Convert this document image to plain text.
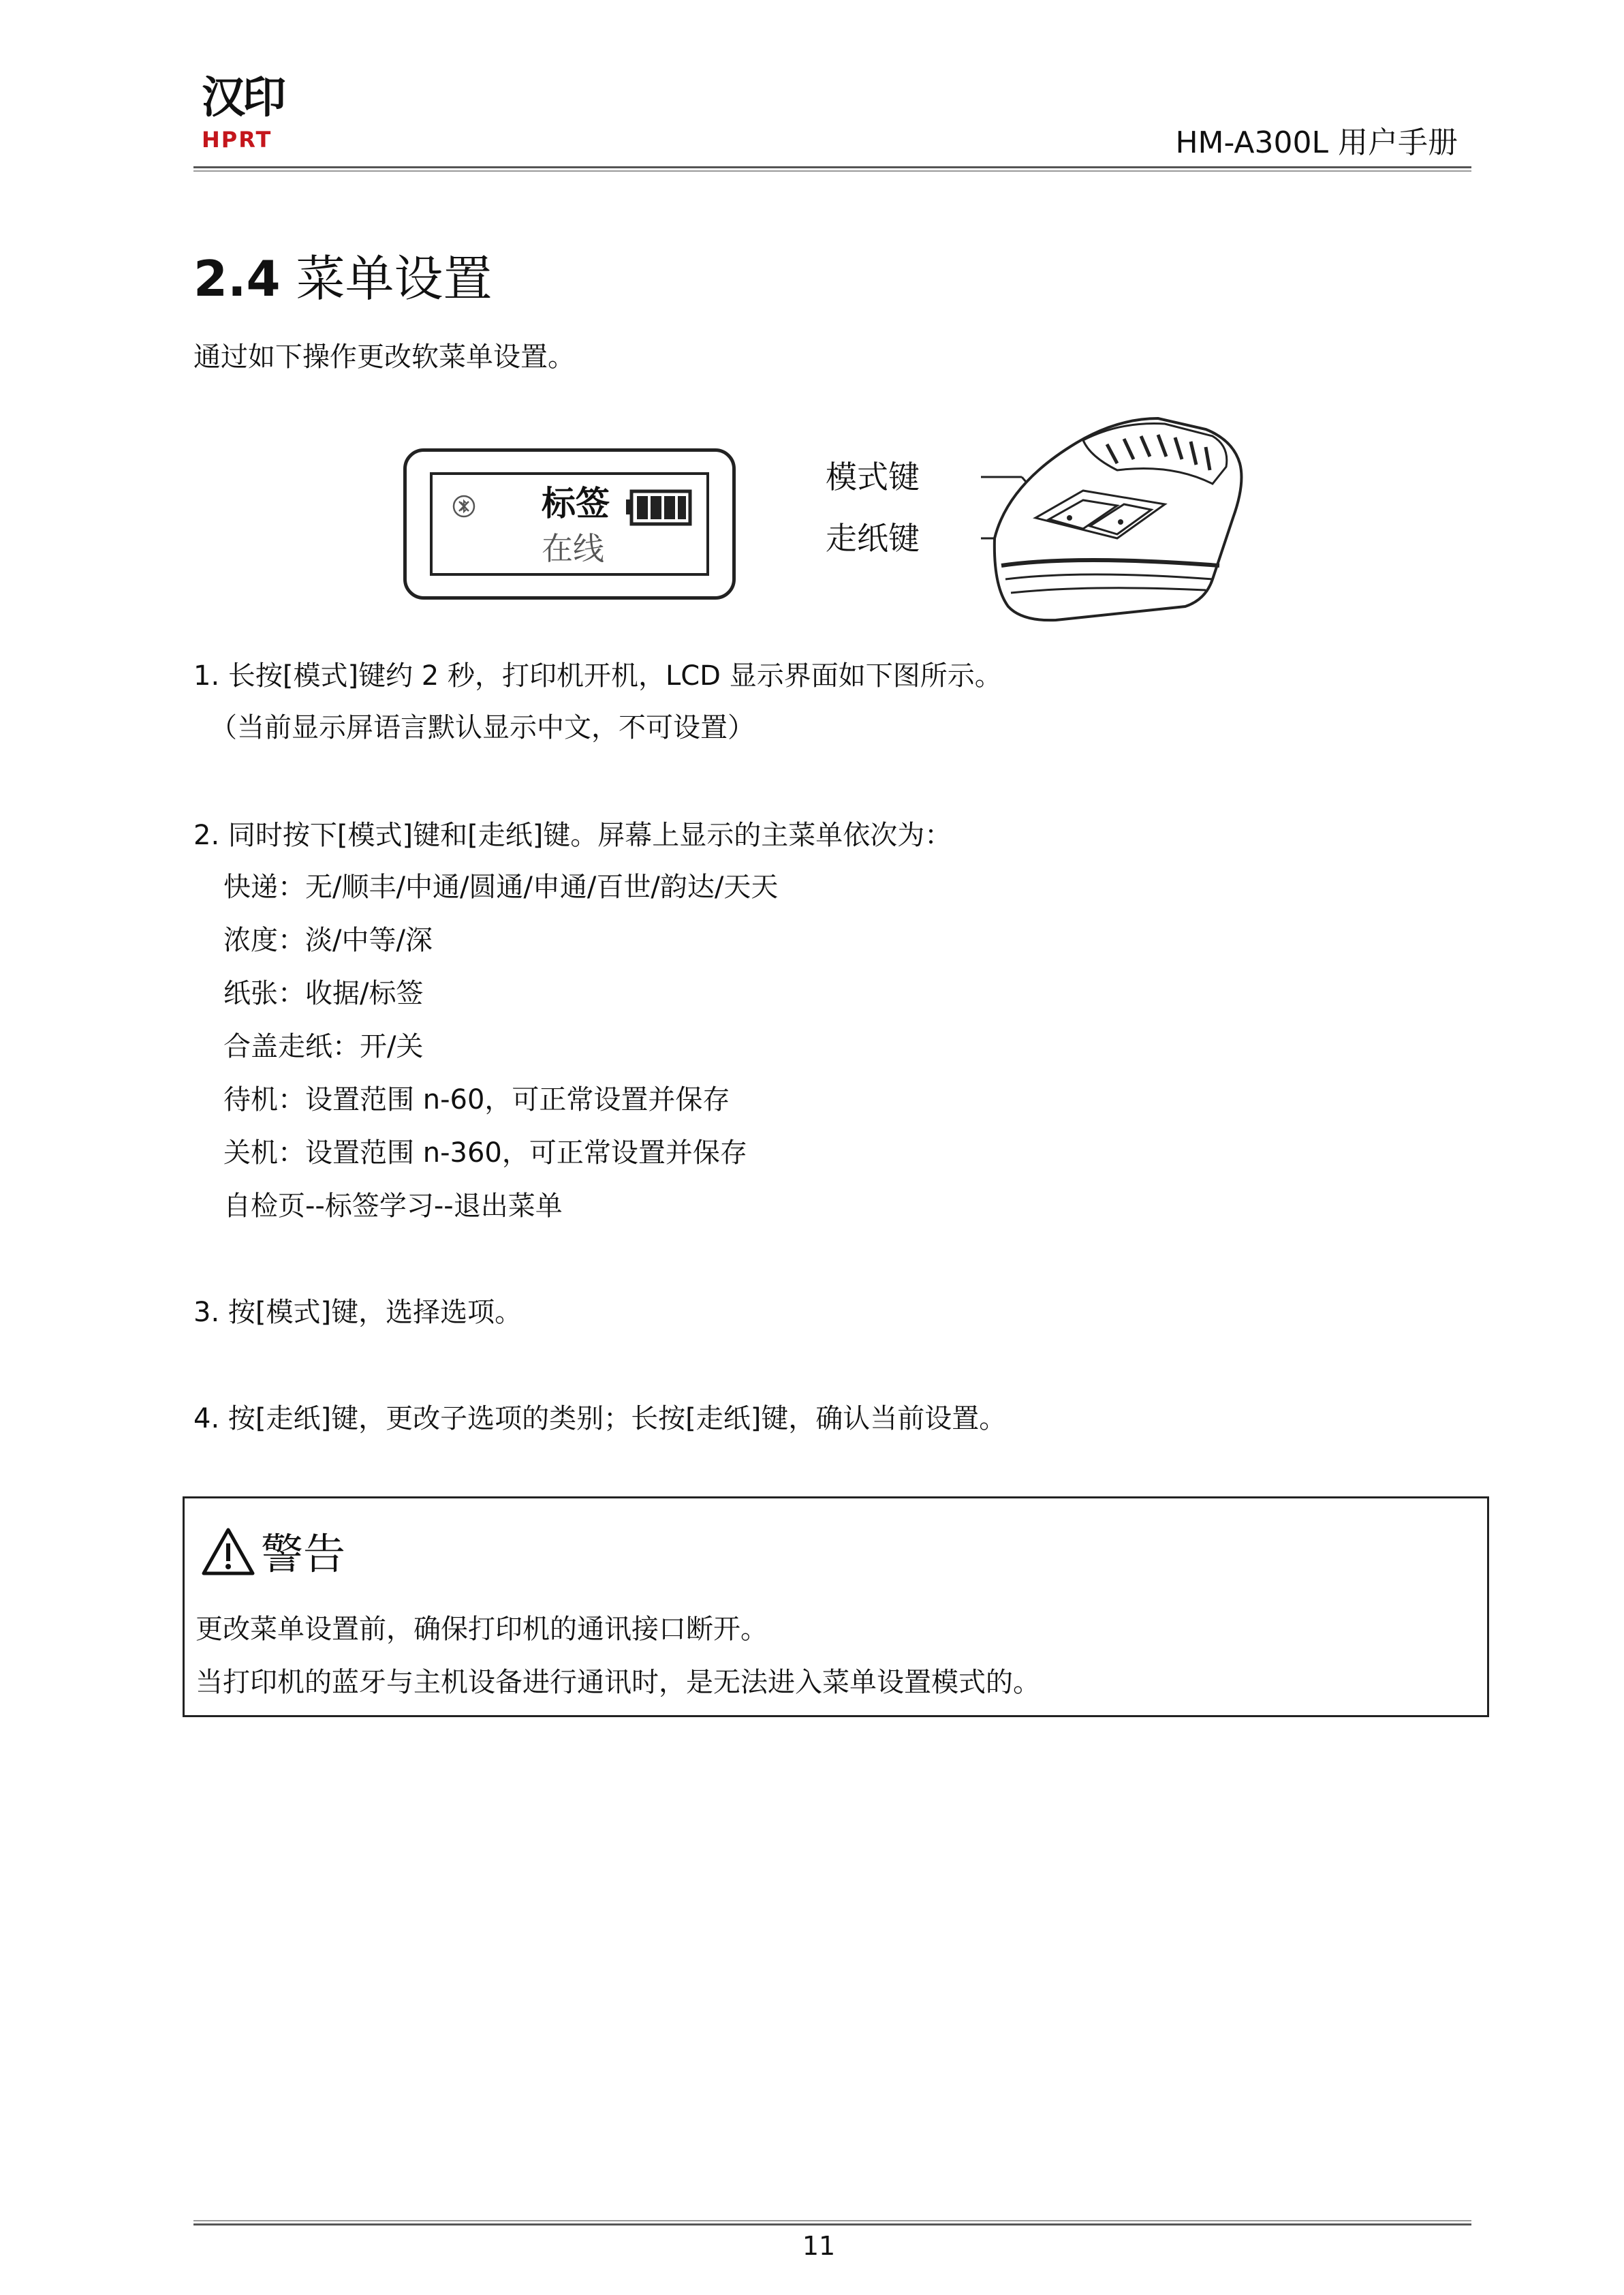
汉印
HPRT	HM-A300L 用户手册
2.4 菜单设置
通过如下操作更改软菜单设置。
标签
在线
模式键
走纸键
1. 长按[模式]键约 2 秒，打印机开机，LCD 显示界面如下图所示。
（当前显示屏语言默认显示中文，不可设置）
2. 同时按下[模式]键和[走纸]键。屏幕上显示的主菜单依次为：
快递：无/顺丰/中通/圆通/申通/百世/韵达/天天
浓度：淡/中等/深
纸张：收据/标签
合盖走纸：开/关
待机：设置范围 n-60，可正常设置并保存
关机：设置范围 n-360，可正常设置并保存
自检页--标签学习--退出菜单
3. 按[模式]键，选择选项。
4. 按[走纸]键，更改子选项的类别；长按[走纸]键，确认当前设置。
警告
更改菜单设置前，确保打印机的通讯接口断开。
当打印机的蓝牙与主机设备进行通讯时，是无法进入菜单设置模式的。
11
